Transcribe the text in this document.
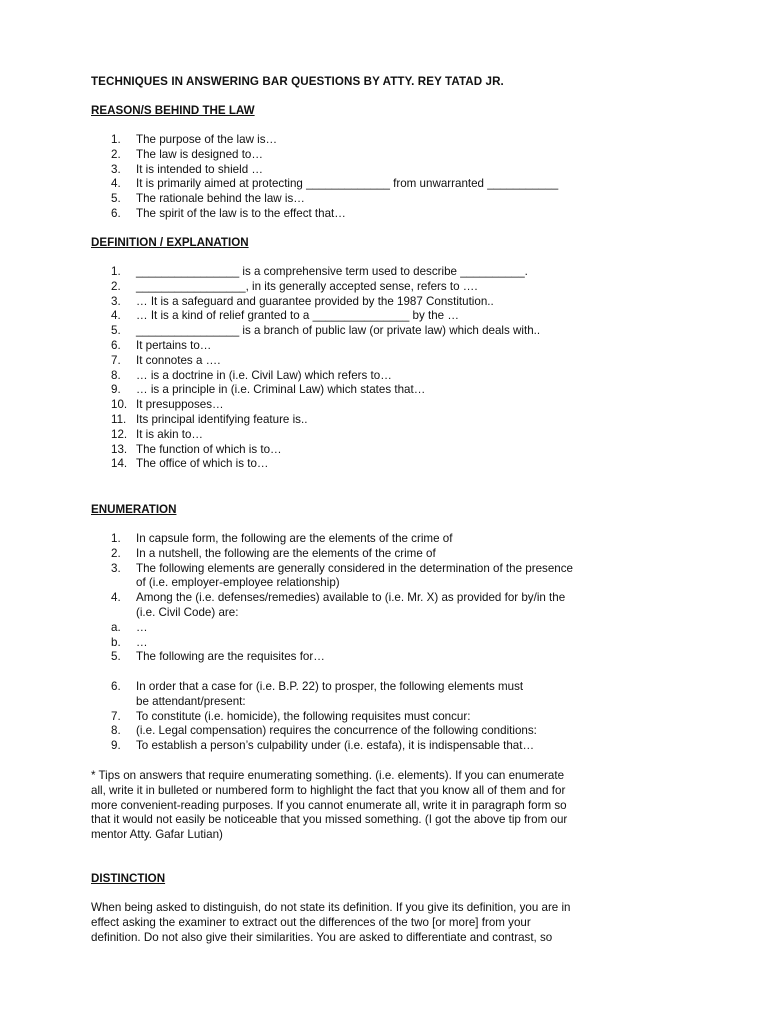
TECHNIQUES IN ANSWERING BAR QUESTIONS BY ATTY. REY TATAD JR.
REASON/S BEHIND THE LAW
1.	The purpose of the law is…
2.	The law is designed to…
3.	It is intended to shield …
4.	It is primarily aimed at protecting _____________ from unwarranted ___________
5.	The rationale behind the law is…
6.	The spirit of the law is to the effect that…
DEFINITION / EXPLANATION
1.	________________ is a comprehensive term used to describe __________.
2.	_________________, in its generally accepted sense, refers to ….
3.	… It is a safeguard and guarantee provided by the 1987 Constitution..
4.	… It is a kind of relief granted to a _______________ by the …
5.	________________ is a branch of public law (or private law) which deals with..
6.	It pertains to…
7.	It connotes a ….
8.	… is a doctrine in (i.e. Civil Law) which refers to…
9.	… is a principle in (i.e. Criminal Law) which states that…
10. It presupposes…
11. Its principal identifying feature is..
12. It is akin to…
13. The function of which is to…
14. The office of which is to…
ENUMERATION
1.	In capsule form, the following are the elements of the crime of
2.	In a nutshell, the following are the elements of the crime of
3.	The following elements are generally considered in the determination of the presence
of (i.e. employer-employee relationship)
4.	Among the (i.e. defenses/remedies) available to (i.e. Mr. X) as provided for by/in the
(i.e. Civil Code) are:
a.	…
b.	…
5.	The following are the requisites for…
6.	In order that a case for (i.e. B.P. 22) to prosper, the following elements must
be attendant/present:
7.	To constitute (i.e. homicide), the following requisites must concur:
8.	(i.e. Legal compensation) requires the concurrence of the following conditions:
9.	To establish a person’s culpability under (i.e. estafa), it is indispensable that…
* Tips on answers that require enumerating something. (i.e. elements). If you can enumerate
all, write it in bulleted or numbered form to highlight the fact that you know all of them and for
more convenient-reading purposes. If you cannot enumerate all, write it in paragraph form so
that it would not easily be noticeable that you missed something. (I got the above tip from our
mentor Atty. Gafar Lutian)
DISTINCTION
When being asked to distinguish, do not state its definition. If you give its definition, you are in
effect asking the examiner to extract out the differences of the two [or more] from your
definition. Do not also give their similarities. You are asked to differentiate and contrast, so
